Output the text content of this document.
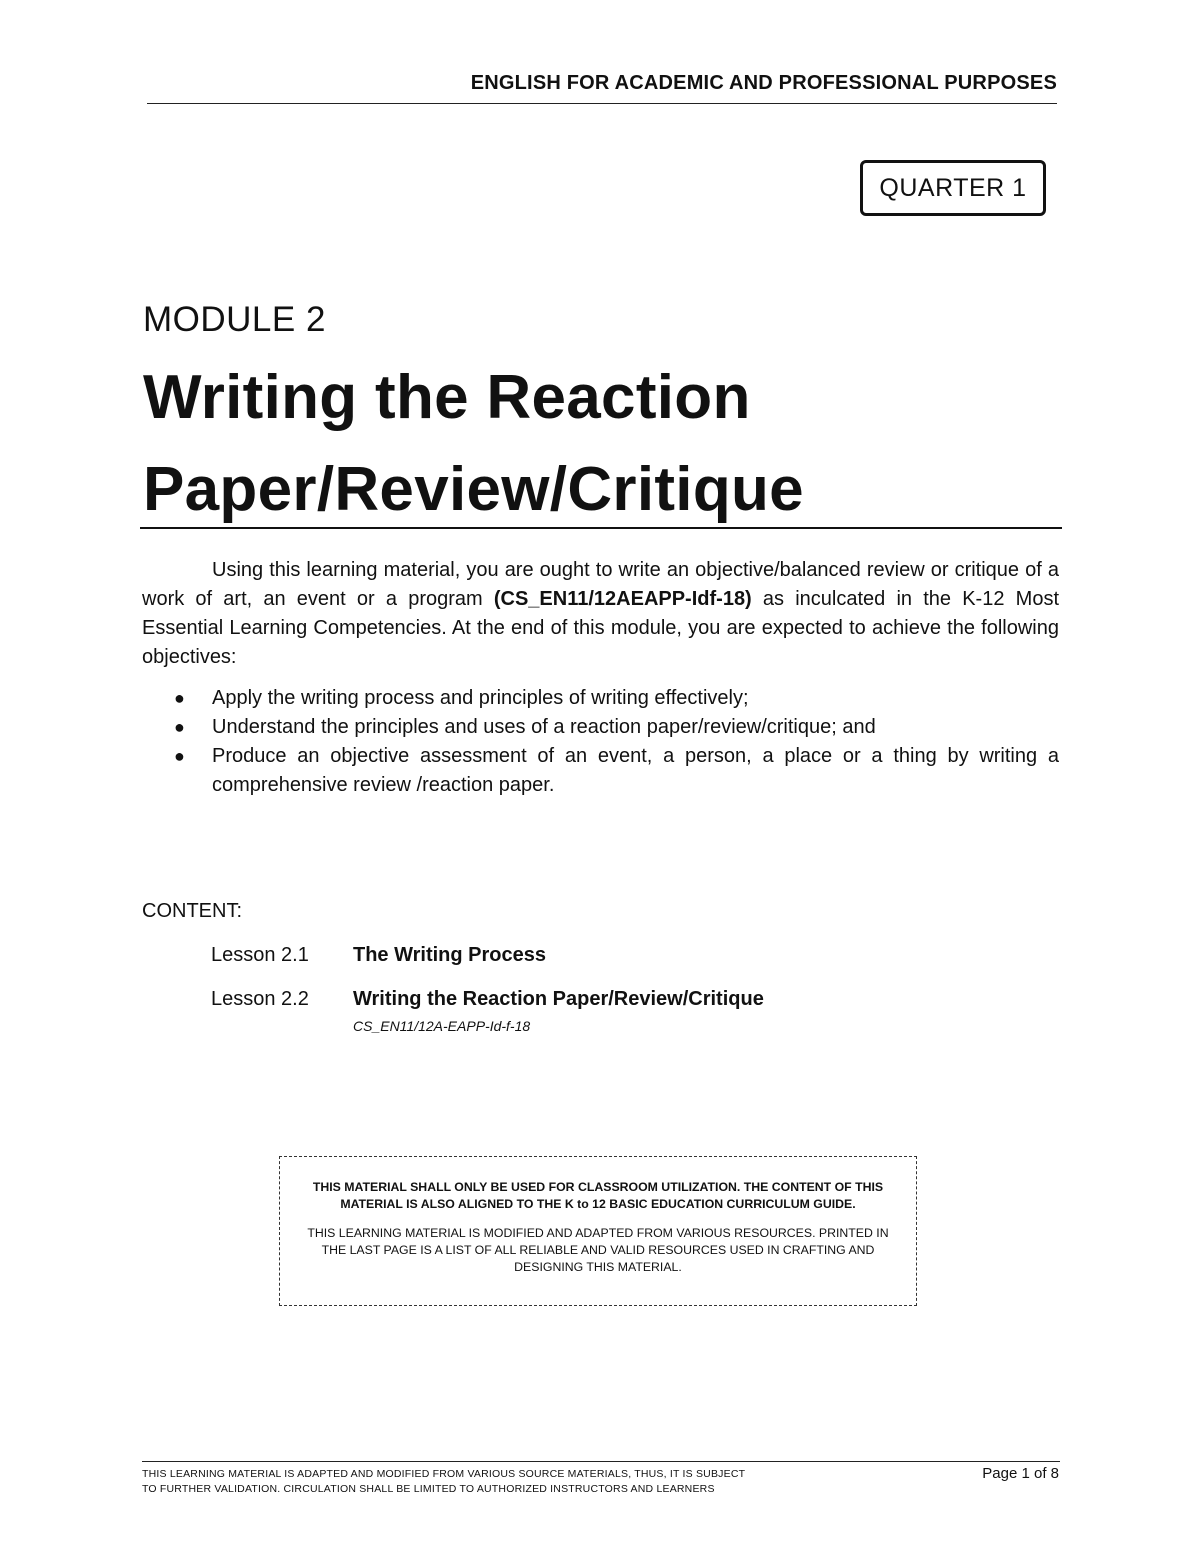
ENGLISH FOR ACADEMIC AND PROFESSIONAL PURPOSES
QUARTER 1
MODULE 2
Writing the Reaction
Paper/Review/Critique

Using this learning material, you are ought to write an objective/balanced review or critique of a work of art, an event or a program (CS_EN11/12AEAPP-Idf-18) as inculcated in the K-12 Most Essential Learning Competencies. At the end of this module, you are expected to achieve the following objectives:

● Apply the writing process and principles of writing effectively;
● Understand the principles and uses of a reaction paper/review/critique; and
● Produce an objective assessment of an event, a person, a place or a thing by writing a comprehensive review /reaction paper.
CONTENT:
Lesson 2.1 The Writing Process
Lesson 2.2 Writing the Reaction Paper/Review/Critique
CS_EN11/12A-EAPP-Id-f-18

THIS MATERIAL SHALL ONLY BE USED FOR CLASSROOM UTILIZATION. THE CONTENT OF THIS MATERIAL IS ALSO ALIGNED TO THE K to 12 BASIC EDUCATION CURRICULUM GUIDE.

THIS LEARNING MATERIAL IS MODIFIED AND ADAPTED FROM VARIOUS RESOURCES. PRINTED IN THE LAST PAGE IS A LIST OF ALL RELIABLE AND VALID RESOURCES USED IN CRAFTING AND DESIGNING THIS MATERIAL.

THIS LEARNING MATERIAL IS ADAPTED AND MODIFIED FROM VARIOUS SOURCE MATERIALS, THUS, IT IS SUBJECT
TO FURTHER VALIDATION. CIRCULATION SHALL BE LIMITED TO AUTHORIZED INSTRUCTORS AND LEARNERS
Page 1 of 8
